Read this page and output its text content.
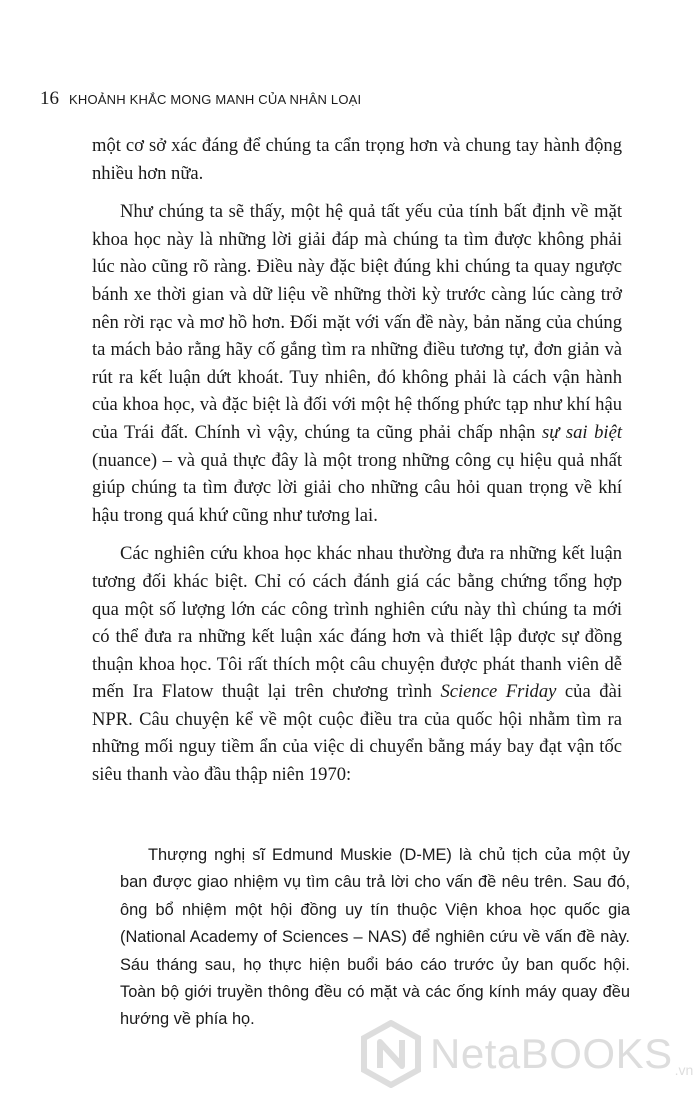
16 KHOẢNH KHẮC MONG MANH CỦA NHÂN LOẠI

một cơ sở xác đáng để chúng ta cẩn trọng hơn và chung tay hành động nhiều hơn nữa.

Như chúng ta sẽ thấy, một hệ quả tất yếu của tính bất định về mặt khoa học này là những lời giải đáp mà chúng ta tìm được không phải lúc nào cũng rõ ràng. Điều này đặc biệt đúng khi chúng ta quay ngược bánh xe thời gian và dữ liệu về những thời kỳ trước càng lúc càng trở nên rời rạc và mơ hồ hơn. Đối mặt với vấn đề này, bản năng của chúng ta mách bảo rằng hãy cố gắng tìm ra những điều tương tự, đơn giản và rút ra kết luận dứt khoát. Tuy nhiên, đó không phải là cách vận hành của khoa học, và đặc biệt là đối với một hệ thống phức tạp như khí hậu của Trái đất. Chính vì vậy, chúng ta cũng phải chấp nhận sự sai biệt (nuance) – và quả thực đây là một trong những công cụ hiệu quả nhất giúp chúng ta tìm được lời giải cho những câu hỏi quan trọng về khí hậu trong quá khứ cũng như tương lai.

Các nghiên cứu khoa học khác nhau thường đưa ra những kết luận tương đối khác biệt. Chỉ có cách đánh giá các bằng chứng tổng hợp qua một số lượng lớn các công trình nghiên cứu này thì chúng ta mới có thể đưa ra những kết luận xác đáng hơn và thiết lập được sự đồng thuận khoa học. Tôi rất thích một câu chuyện được phát thanh viên dễ mến Ira Flatow thuật lại trên chương trình Science Friday của đài NPR. Câu chuyện kể về một cuộc điều tra của quốc hội nhằm tìm ra những mối nguy tiềm ẩn của việc di chuyển bằng máy bay đạt vận tốc siêu thanh vào đầu thập niên 1970:

Thượng nghị sĩ Edmund Muskie (D-ME) là chủ tịch của một ủy ban được giao nhiệm vụ tìm câu trả lời cho vấn đề nêu trên. Sau đó, ông bổ nhiệm một hội đồng uy tín thuộc Viện khoa học quốc gia (National Academy of Sciences – NAS) để nghiên cứu về vấn đề này. Sáu tháng sau, họ thực hiện buổi báo cáo trước ủy ban quốc hội. Toàn bộ giới truyền thông đều có mặt và các ống kính máy quay đều hướng về phía họ.

NetaBOOKS .vn
